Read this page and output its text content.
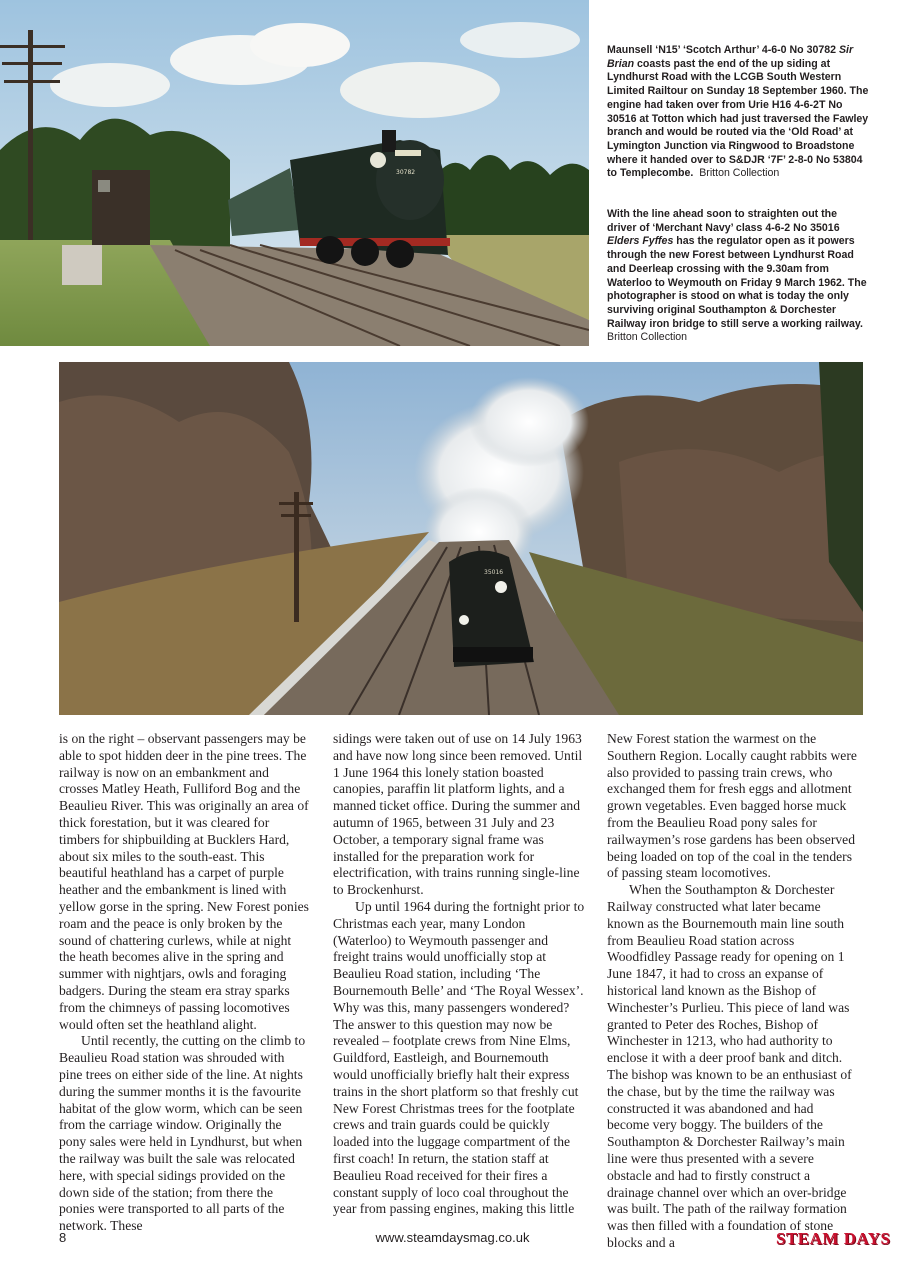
30782

Maunsell ‘N15’ ‘Scotch Arthur’ 4-6-0 No 30782 Sir Brian coasts past the end of the up siding at Lyndhurst Road with the LCGB South Western Limited Railtour on Sunday 18 September 1960. The engine had taken over from Urie H16 4-6-2T No 30516 at Totton which had just traversed the Fawley branch and would be routed via the ‘Old Road’ at Lymington Junction via Ringwood to Broadstone where it handed over to S&DJR ‘7F’ 2-8-0 No 53804 to Templecombe. Britton Collection

With the line ahead soon to straighten out the driver of ‘Merchant Navy’ class 4-6-2 No 35016 Elders Fyffes has the regulator open as it powers through the new Forest between Lyndhurst Road and Deerleap crossing with the 9.30am from Waterloo to Weymouth on Friday 9 March 1962. The photographer is stood on what is today the only surviving original Southampton & Dorchester Railway iron bridge to still serve a working railway.  Britton Collection

35016

is on the right – observant passengers may be able to spot hidden deer in the pine trees. The railway is now on an embankment and crosses Matley Heath, Fulliford Bog and the Beaulieu River. This was originally an area of thick forestation, but it was cleared for timbers for shipbuilding at Bucklers Hard, about six miles to the south-east. This beautiful heathland has a carpet of purple heather and the embankment is lined with yellow gorse in the spring. New Forest ponies roam and the peace is only broken by the sound of chattering curlews, while at night the heath becomes alive in the spring and summer with nightjars, owls and foraging badgers. During the steam era stray sparks from the chimneys of passing locomotives would often set the heathland alight.

Until recently, the cutting on the climb to Beaulieu Road station was shrouded with pine trees on either side of the line. At nights during the summer months it is the favourite habitat of the glow worm, which can be seen from the carriage window. Originally the pony sales were held in Lyndhurst, but when the railway was built the sale was relocated here, with special sidings provided on the down side of the station; from there the ponies were transported to all parts of the network. These

sidings were taken out of use on 14 July 1963 and have now long since been removed. Until 1 June 1964 this lonely station boasted canopies, paraffin lit platform lights, and a manned ticket office. During the summer and autumn of 1965, between 31 July and 23 October, a temporary signal frame was installed for the preparation work for electrification, with trains running single-line to Brockenhurst.

Up until 1964 during the fortnight prior to Christmas each year, many London (Waterloo) to Weymouth passenger and freight trains would unofficially stop at Beaulieu Road station, including ‘The Bournemouth Belle’ and ‘The Royal Wessex’. Why was this, many passengers wondered? The answer to this question may now be revealed – footplate crews from Nine Elms, Guildford, Eastleigh, and Bournemouth would unofficially briefly halt their express trains in the short platform so that freshly cut New Forest Christmas trees for the footplate crews and train guards could be quickly loaded into the luggage compartment of the first coach! In return, the station staff at Beaulieu Road received for their fires a constant supply of loco coal throughout the year from passing engines, making this little

New Forest station the warmest on the Southern Region. Locally caught rabbits were also provided to passing train crews, who exchanged them for fresh eggs and allotment grown vegetables. Even bagged horse muck from the Beaulieu Road pony sales for railwaymen’s rose gardens has been observed being loaded on top of the coal in the tenders of passing steam locomotives.

When the Southampton & Dorchester Railway constructed what later became known as the Bournemouth main line south from Beaulieu Road station across Woodfidley Passage ready for opening on 1 June 1847, it had to cross an expanse of historical land known as the Bishop of Winchester’s Purlieu. This piece of land was granted to Peter des Roches, Bishop of Winchester in 1213, who had authority to enclose it with a deer proof bank and ditch. The bishop was known to be an enthusiast of the chase, but by the time the railway was constructed it was abandoned and had become very boggy. The builders of the Southampton & Dorchester Railway’s main line were thus presented with a severe obstacle and had to firstly construct a drainage channel over which an over-bridge was built. The path of the railway formation was then filled with a foundation of stone blocks and a

8	www.steamdaysmag.co.uk	STEAM DAYS
